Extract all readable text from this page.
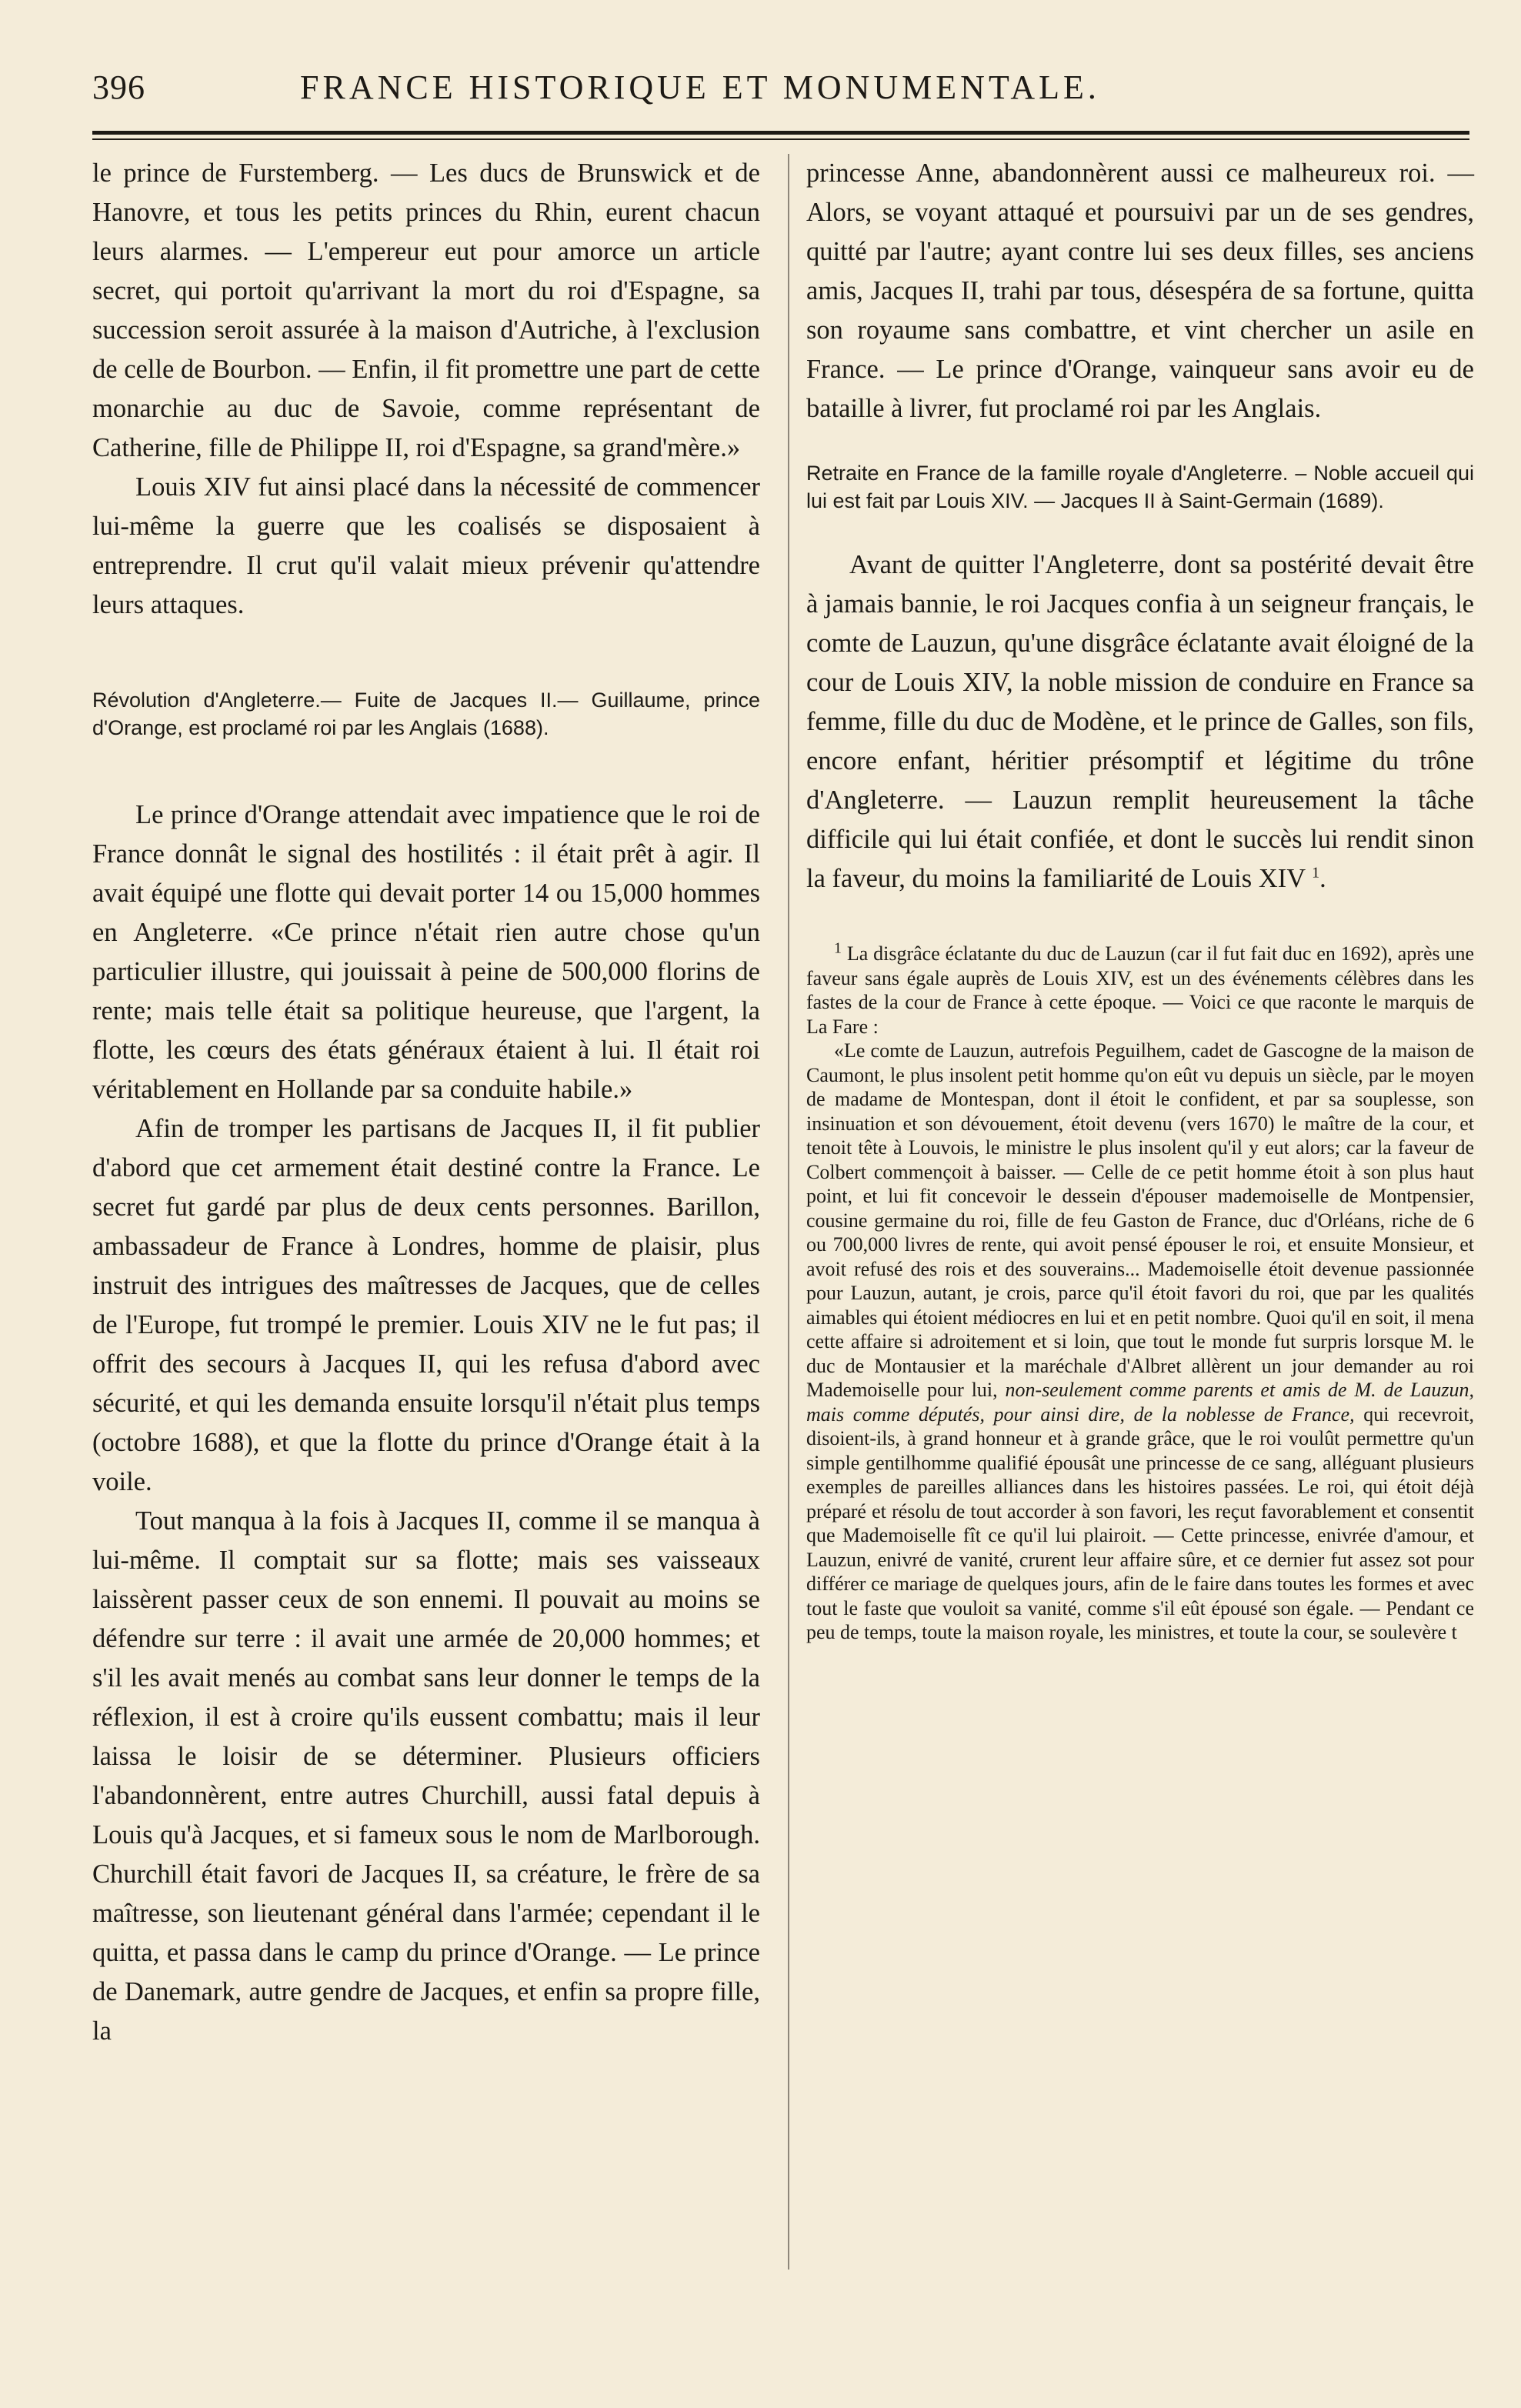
396	FRANCE HISTORIQUE ET MONUMENTALE.

le prince de Furstemberg. — Les ducs de Brunswick et de Hanovre, et tous les petits princes du Rhin, eurent chacun leurs alarmes. — L'empereur eut pour amorce un article secret, qui portoit qu'arrivant la mort du roi d'Espagne, sa succession seroit assurée à la maison d'Autriche, à l'exclusion de celle de Bourbon. — Enfin, il fit promettre une part de cette monarchie au duc de Savoie, comme représentant de Catherine, fille de Philippe II, roi d'Espagne, sa grand'mère.»

Louis XIV fut ainsi placé dans la nécessité de commencer lui-même la guerre que les coalisés se disposaient à entreprendre. Il crut qu'il valait mieux prévenir qu'attendre leurs attaques.

Révolution d'Angleterre.— Fuite de Jacques II.— Guillaume, prince d'Orange, est proclamé roi par les Anglais (1688).

Le prince d'Orange attendait avec impatience que le roi de France donnât le signal des hostilités : il était prêt à agir. Il avait équipé une flotte qui devait porter 14 ou 15,000 hommes en Angleterre. «Ce prince n'était rien autre chose qu'un particulier illustre, qui jouissait à peine de 500,000 florins de rente; mais telle était sa politique heureuse, que l'argent, la flotte, les cœurs des états généraux étaient à lui. Il était roi véritablement en Hollande par sa conduite habile.»

Afin de tromper les partisans de Jacques II, il fit publier d'abord que cet armement était destiné contre la France. Le secret fut gardé par plus de deux cents personnes. Barillon, ambassadeur de France à Londres, homme de plaisir, plus instruit des intrigues des maîtresses de Jacques, que de celles de l'Europe, fut trompé le premier. Louis XIV ne le fut pas; il offrit des secours à Jacques II, qui les refusa d'abord avec sécurité, et qui les demanda ensuite lorsqu'il n'était plus temps (octobre 1688), et que la flotte du prince d'Orange était à la voile.

Tout manqua à la fois à Jacques II, comme il se manqua à lui-même. Il comptait sur sa flotte; mais ses vaisseaux laissèrent passer ceux de son ennemi. Il pouvait au moins se défendre sur terre : il avait une armée de 20,000 hommes; et s'il les avait menés au combat sans leur donner le temps de la réflexion, il est à croire qu'ils eussent combattu; mais il leur laissa le loisir de se déterminer. Plusieurs officiers l'abandonnèrent, entre autres Churchill, aussi fatal depuis à Louis qu'à Jacques, et si fameux sous le nom de Marlborough. Churchill était favori de Jacques II, sa créature, le frère de sa maîtresse, son lieutenant général dans l'armée; cependant il le quitta, et passa dans le camp du prince d'Orange. — Le prince de Danemark, autre gendre de Jacques, et enfin sa propre fille, la

princesse Anne, abandonnèrent aussi ce malheureux roi. —Alors, se voyant attaqué et poursuivi par un de ses gendres, quitté par l'autre; ayant contre lui ses deux filles, ses anciens amis, Jacques II, trahi par tous, désespéra de sa fortune, quitta son royaume sans combattre, et vint chercher un asile en France. — Le prince d'Orange, vainqueur sans avoir eu de bataille à livrer, fut proclamé roi par les Anglais.

Retraite en France de la famille royale d'Angleterre. – Noble accueil qui lui est fait par Louis XIV. — Jacques II à Saint-Germain (1689).

Avant de quitter l'Angleterre, dont sa postérité devait être à jamais bannie, le roi Jacques confia à un seigneur français, le comte de Lauzun, qu'une disgrâce éclatante avait éloigné de la cour de Louis XIV, la noble mission de conduire en France sa femme, fille du duc de Modène, et le prince de Galles, son fils, encore enfant, héritier présomptif et légitime du trône d'Angleterre. — Lauzun remplit heureusement la tâche difficile qui lui était confiée, et dont le succès lui rendit sinon la faveur, du moins la familiarité de Louis XIV $^1$.

$^1$ La disgrâce éclatante du duc de Lauzun (car il fut fait duc en 1692), après une faveur sans égale auprès de Louis XIV, est un des événements célèbres dans les fastes de la cour de France à cette époque. — Voici ce que raconte le marquis de La Fare :

«Le comte de Lauzun, autrefois Peguilhem, cadet de Gascogne de la maison de Caumont, le plus insolent petit homme qu'on eût vu depuis un siècle, par le moyen de madame de Montespan, dont il étoit le confident, et par sa souplesse, son insinuation et son dévouement, étoit devenu (vers 1670) le maître de la cour, et tenoit tête à Louvois, le ministre le plus insolent qu'il y eut alors; car la faveur de Colbert commençoit à baisser. — Celle de ce petit homme étoit à son plus haut point, et lui fit concevoir le dessein d'épouser mademoiselle de Montpensier, cousine germaine du roi, fille de feu Gaston de France, duc d'Orléans, riche de 6 ou 700,000 livres de rente, qui avoit pensé épouser le roi, et ensuite Monsieur, et avoit refusé des rois et des souverains... Mademoiselle étoit devenue passionnée pour Lauzun, autant, je crois, parce qu'il étoit favori du roi, que par les qualités aimables qui étoient médiocres en lui et en petit nombre. Quoi qu'il en soit, il mena cette affaire si adroitement et si loin, que tout le monde fut surpris lorsque M. le duc de Montausier et la maréchale d'Albret allèrent un jour demander au roi Mademoiselle pour lui, non-seulement comme parents et amis de M. de Lauzun, mais comme députés, pour ainsi dire, de la noblesse de France, qui recevroit, disoient-ils, à grand honneur et à grande grâce, que le roi voulût permettre qu'un simple gentilhomme qualifié épousât une princesse de ce sang, alléguant plusieurs exemples de pareilles alliances dans les histoires passées. Le roi, qui étoit déjà préparé et résolu de tout accorder à son favori, les reçut favorablement et consentit que Mademoiselle fît ce qu'il lui plairoit. — Cette princesse, enivrée d'amour, et Lauzun, enivré de vanité, crurent leur affaire sûre, et ce dernier fut assez sot pour différer ce mariage de quelques jours, afin de le faire dans toutes les formes et avec tout le faste que vouloit sa vanité, comme s'il eût épousé son égale. — Pendant ce peu de temps, toute la maison royale, les ministres, et toute la cour, se soulevère t
